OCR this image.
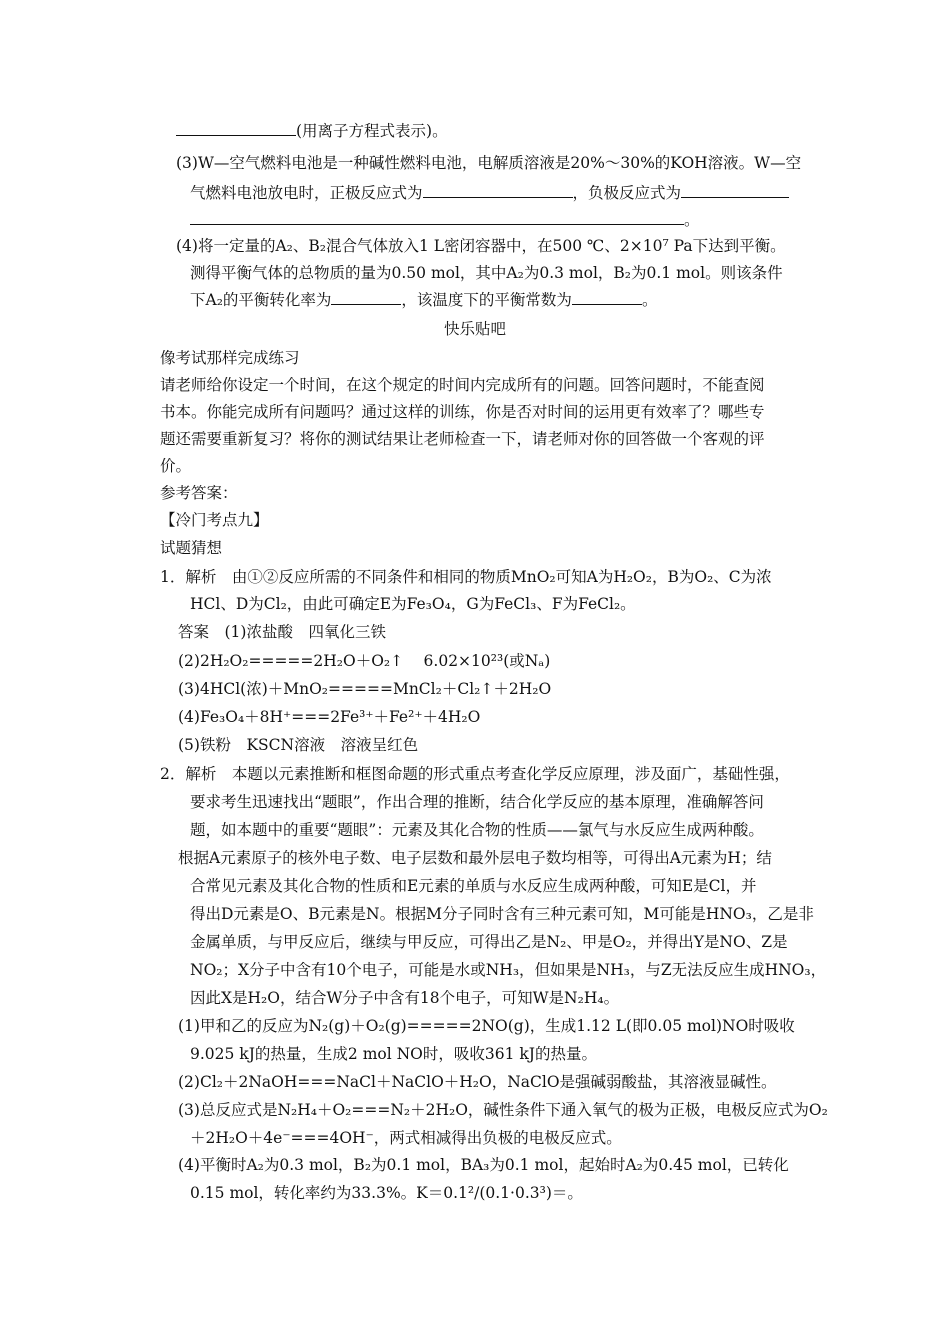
(用离子方程式表示)。
(3)W—空气燃料电池是一种碱性燃料电池，电解质溶液是20%～30%的KOH溶液。W—空
气燃料电池放电时，正极反应式为	，负极反应式为
。
(4)将一定量的A₂、B₂混合气体放入1 L密闭容器中，在500 ℃、2×10⁷ Pa下达到平衡。
测得平衡气体的总物质的量为0.50 mol，其中A₂为0.3 mol，B₂为0.1 mol。则该条件
下A₂的平衡转化率为	，该温度下的平衡常数为	。
快乐贴吧
像考试那样完成练习
请老师给你设定一个时间，在这个规定的时间内完成所有的问题。回答问题时，不能查阅
书本。你能完成所有问题吗？通过这样的训练，你是否对时间的运用更有效率了？哪些专
题还需要重新复习？将你的测试结果让老师检查一下，请老师对你的回答做一个客观的评
价。
参考答案：
【冷门考点九】
试题猜想
1．解析　由①②反应所需的不同条件和相同的物质MnO₂可知A为H₂O₂，B为O₂、C为浓
HCl、D为Cl₂，由此可确定E为Fe₃O₄，G为FeCl₃、F为FeCl₂。
答案　(1)浓盐酸　四氧化三铁
(2)2H₂O₂=====2H₂O＋O₂↑　 6.02×10²³(或Nₐ)
(3)4HCl(浓)＋MnO₂=====MnCl₂＋Cl₂↑＋2H₂O
(4)Fe₃O₄＋8H⁺===2Fe³⁺＋Fe²⁺＋4H₂O
(5)铁粉　KSCN溶液　溶液呈红色
2．解析　本题以元素推断和框图命题的形式重点考查化学反应原理，涉及面广，基础性强，
要求考生迅速找出“题眼”，作出合理的推断，结合化学反应的基本原理，准确解答问
题，如本题中的重要“题眼”：元素及其化合物的性质——氯气与水反应生成两种酸。
根据A元素原子的核外电子数、电子层数和最外层电子数均相等，可得出A元素为H；结
合常见元素及其化合物的性质和E元素的单质与水反应生成两种酸，可知E是Cl，并
得出D元素是O、B元素是N。根据M分子同时含有三种元素可知，M可能是HNO₃，乙是非
金属单质，与甲反应后，继续与甲反应，可得出乙是N₂、甲是O₂，并得出Y是NO、Z是
NO₂；X分子中含有10个电子，可能是水或NH₃，但如果是NH₃，与Z无法反应生成HNO₃，
因此X是H₂O，结合W分子中含有18个电子，可知W是N₂H₄。
(1)甲和乙的反应为N₂(g)＋O₂(g)=====2NO(g)，生成1.12 L(即0.05 mol)NO时吸收
9.025 kJ的热量，生成2 mol NO时，吸收361 kJ的热量。
(2)Cl₂＋2NaOH===NaCl＋NaClO＋H₂O，NaClO是强碱弱酸盐，其溶液显碱性。
(3)总反应式是N₂H₄＋O₂===N₂＋2H₂O，碱性条件下通入氧气的极为正极，电极反应式为O₂
＋2H₂O＋4e⁻===4OH⁻，两式相减得出负极的电极反应式。
(4)平衡时A₂为0.3 mol，B₂为0.1 mol，BA₃为0.1 mol，起始时A₂为0.45 mol，已转化
0.15 mol，转化率约为33.3%。K＝0.1²/(0.1·0.3³)＝。
